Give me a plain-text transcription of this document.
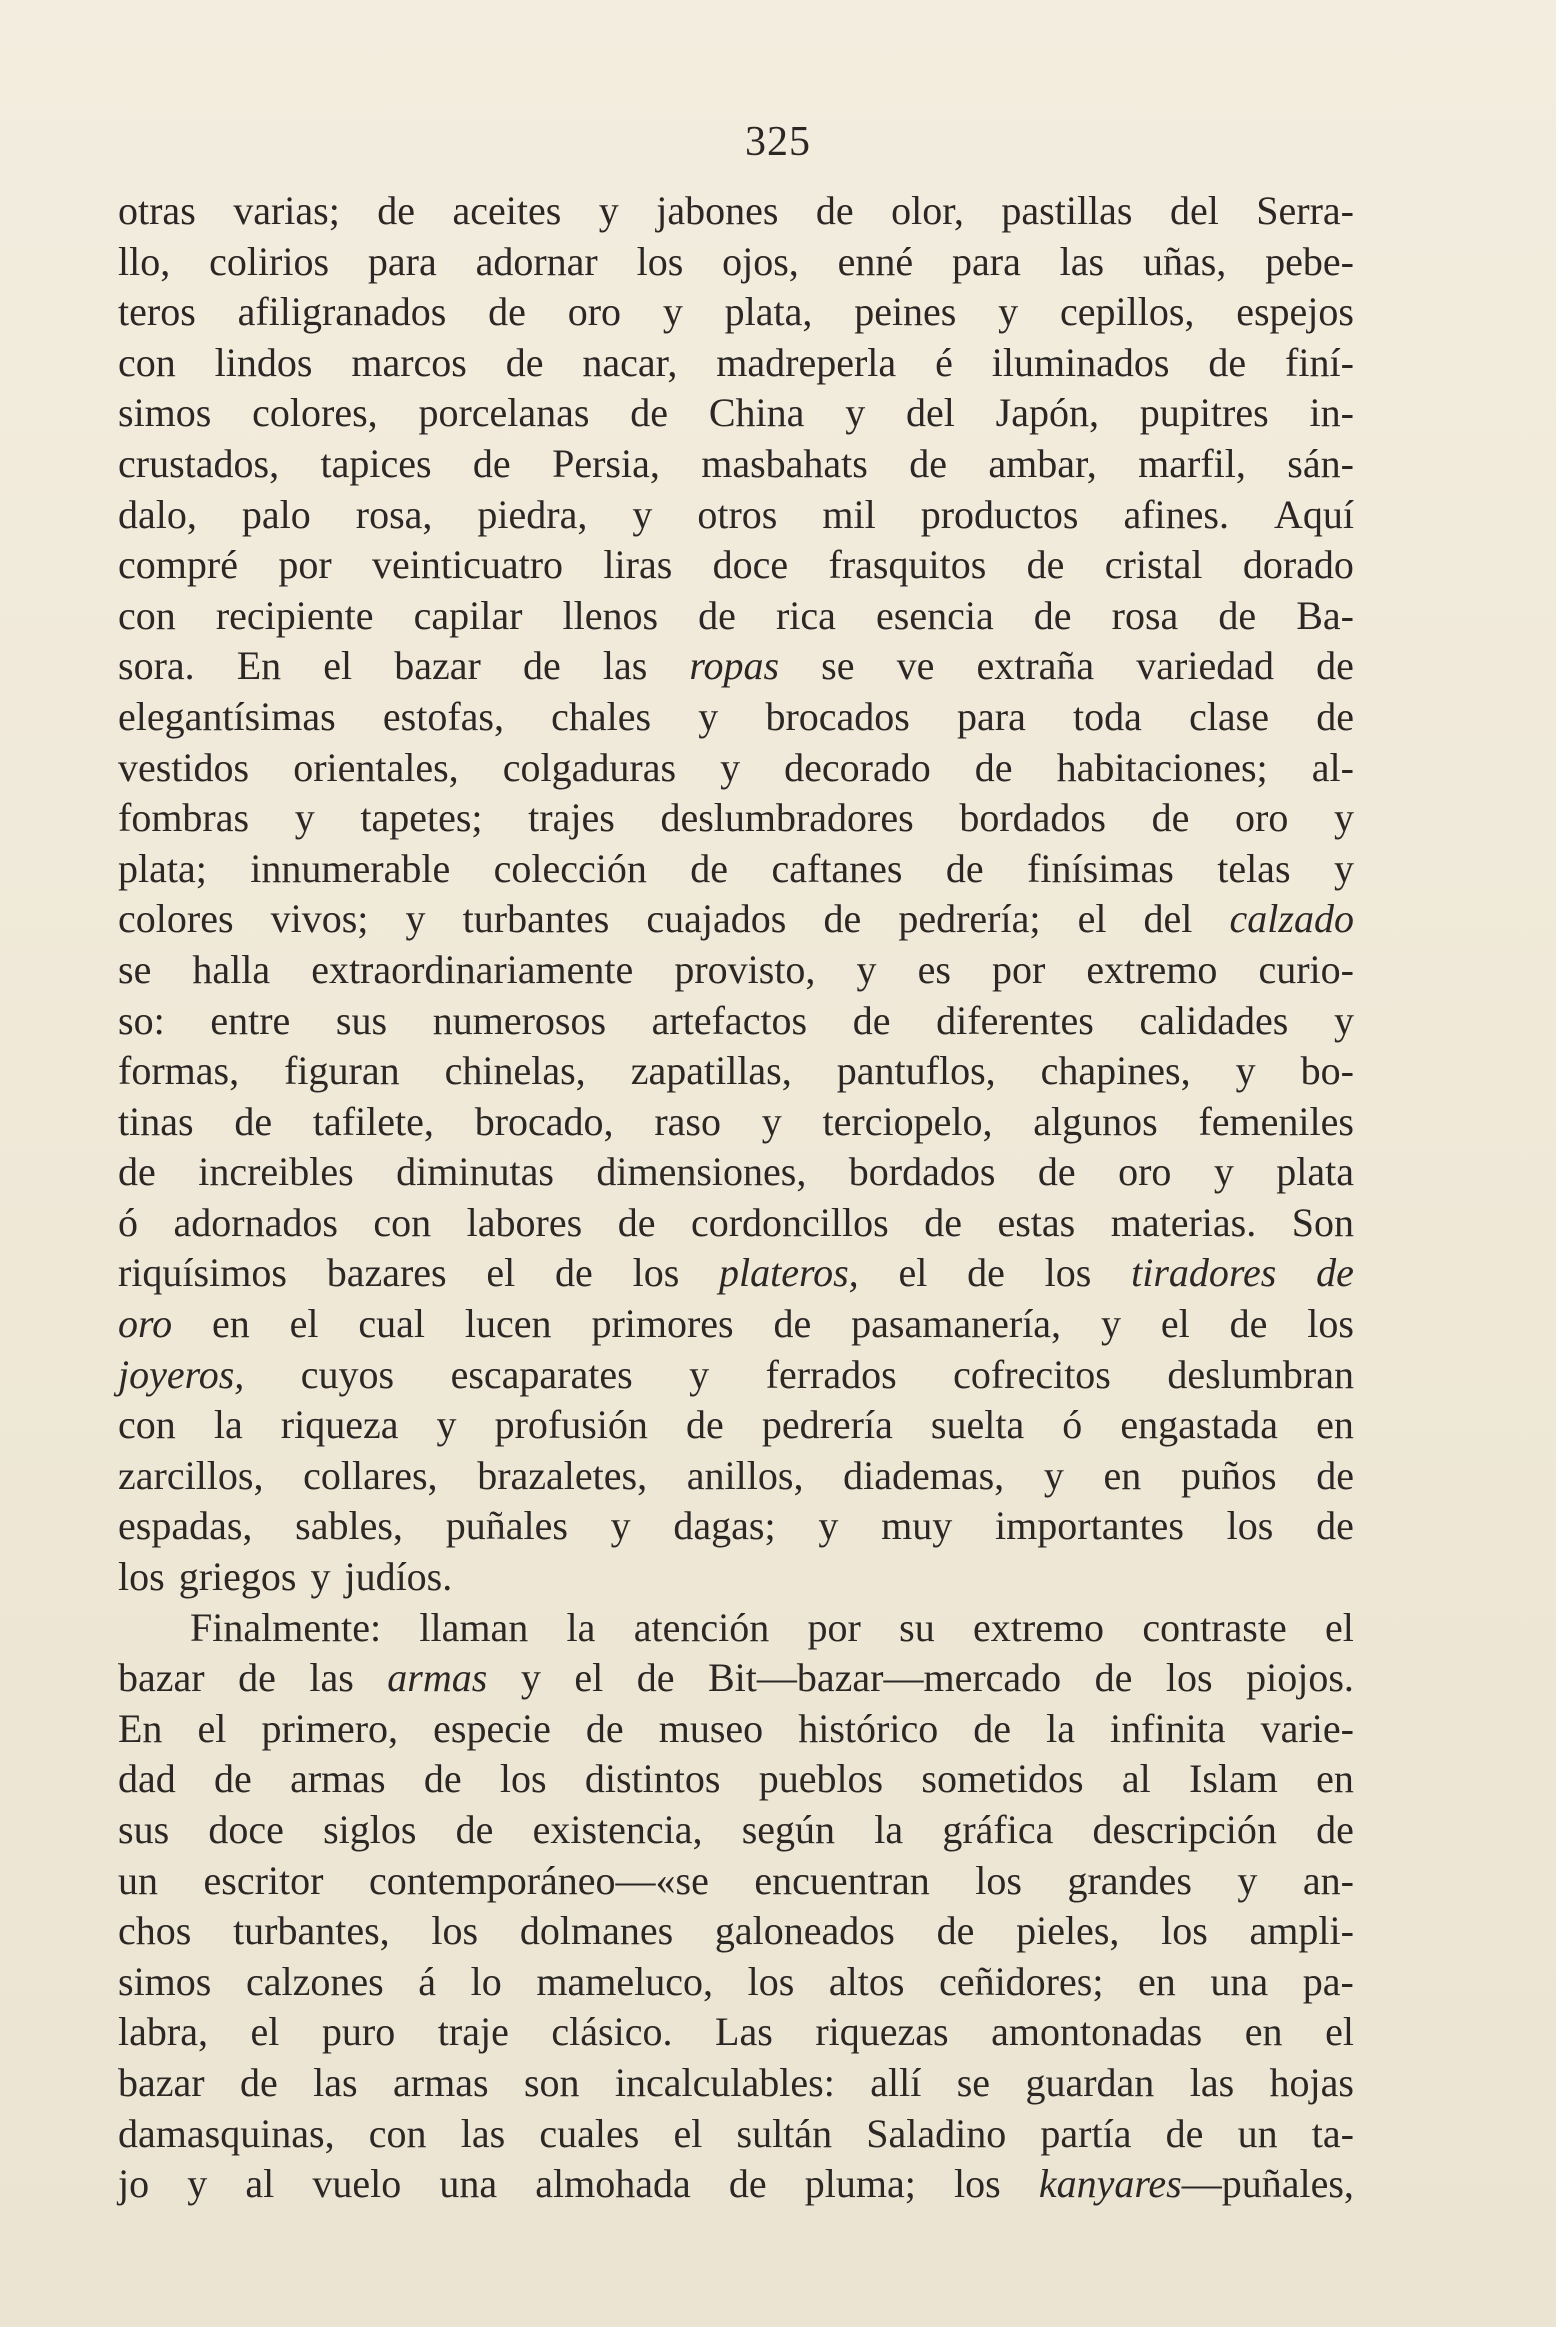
325
otras varias; de aceites y jabones de olor, pastillas del Serra-
llo, colirios para adornar los ojos, enné para las uñas, pebe-
teros afiligranados de oro y plata, peines y cepillos, espejos
con lindos marcos de nacar, madreperla é iluminados de finí-
simos colores, porcelanas de China y del Japón, pupitres in-
crustados, tapices de Persia, masbahats de ambar, marfil, sán-
dalo, palo rosa, piedra, y otros mil productos afines. Aquí
compré por veinticuatro liras doce frasquitos de cristal dorado
con recipiente capilar llenos de rica esencia de rosa de Ba-
sora. En el bazar de las ropas se ve extraña variedad de
elegantísimas estofas, chales y brocados para toda clase de
vestidos orientales, colgaduras y decorado de habitaciones; al-
fombras y tapetes; trajes deslumbradores bordados de oro y
plata; innumerable colección de caftanes de finísimas telas y
colores vivos; y turbantes cuajados de pedrería; el del calzado
se halla extraordinariamente provisto, y es por extremo curio-
so: entre sus numerosos artefactos de diferentes calidades y
formas, figuran chinelas, zapatillas, pantuflos, chapines, y bo-
tinas de tafilete, brocado, raso y terciopelo, algunos femeniles
de increibles diminutas dimensiones, bordados de oro y plata
ó adornados con labores de cordoncillos de estas materias. Son
riquísimos bazares el de los plateros, el de los tiradores de
oro en el cual lucen primores de pasamanería, y el de los
joyeros, cuyos escaparates y ferrados cofrecitos deslumbran
con la riqueza y profusión de pedrería suelta ó engastada en
zarcillos, collares, brazaletes, anillos, diademas, y en puños de
espadas, sables, puñales y dagas; y muy importantes los de
los griegos y judíos.
Finalmente: llaman la atención por su extremo contraste el
bazar de las armas y el de Bit—bazar—mercado de los piojos.
En el primero, especie de museo histórico de la infinita varie-
dad de armas de los distintos pueblos sometidos al Islam en
sus doce siglos de existencia, según la gráfica descripción de
un escritor contemporáneo—«se encuentran los grandes y an-
chos turbantes, los dolmanes galoneados de pieles, los ampli-
simos calzones á lo mameluco, los altos ceñidores; en una pa-
labra, el puro traje clásico. Las riquezas amontonadas en el
bazar de las armas son incalculables: allí se guardan las hojas
damasquinas, con las cuales el sultán Saladino partía de un ta-
jo y al vuelo una almohada de pluma; los kanyares—puñales,
